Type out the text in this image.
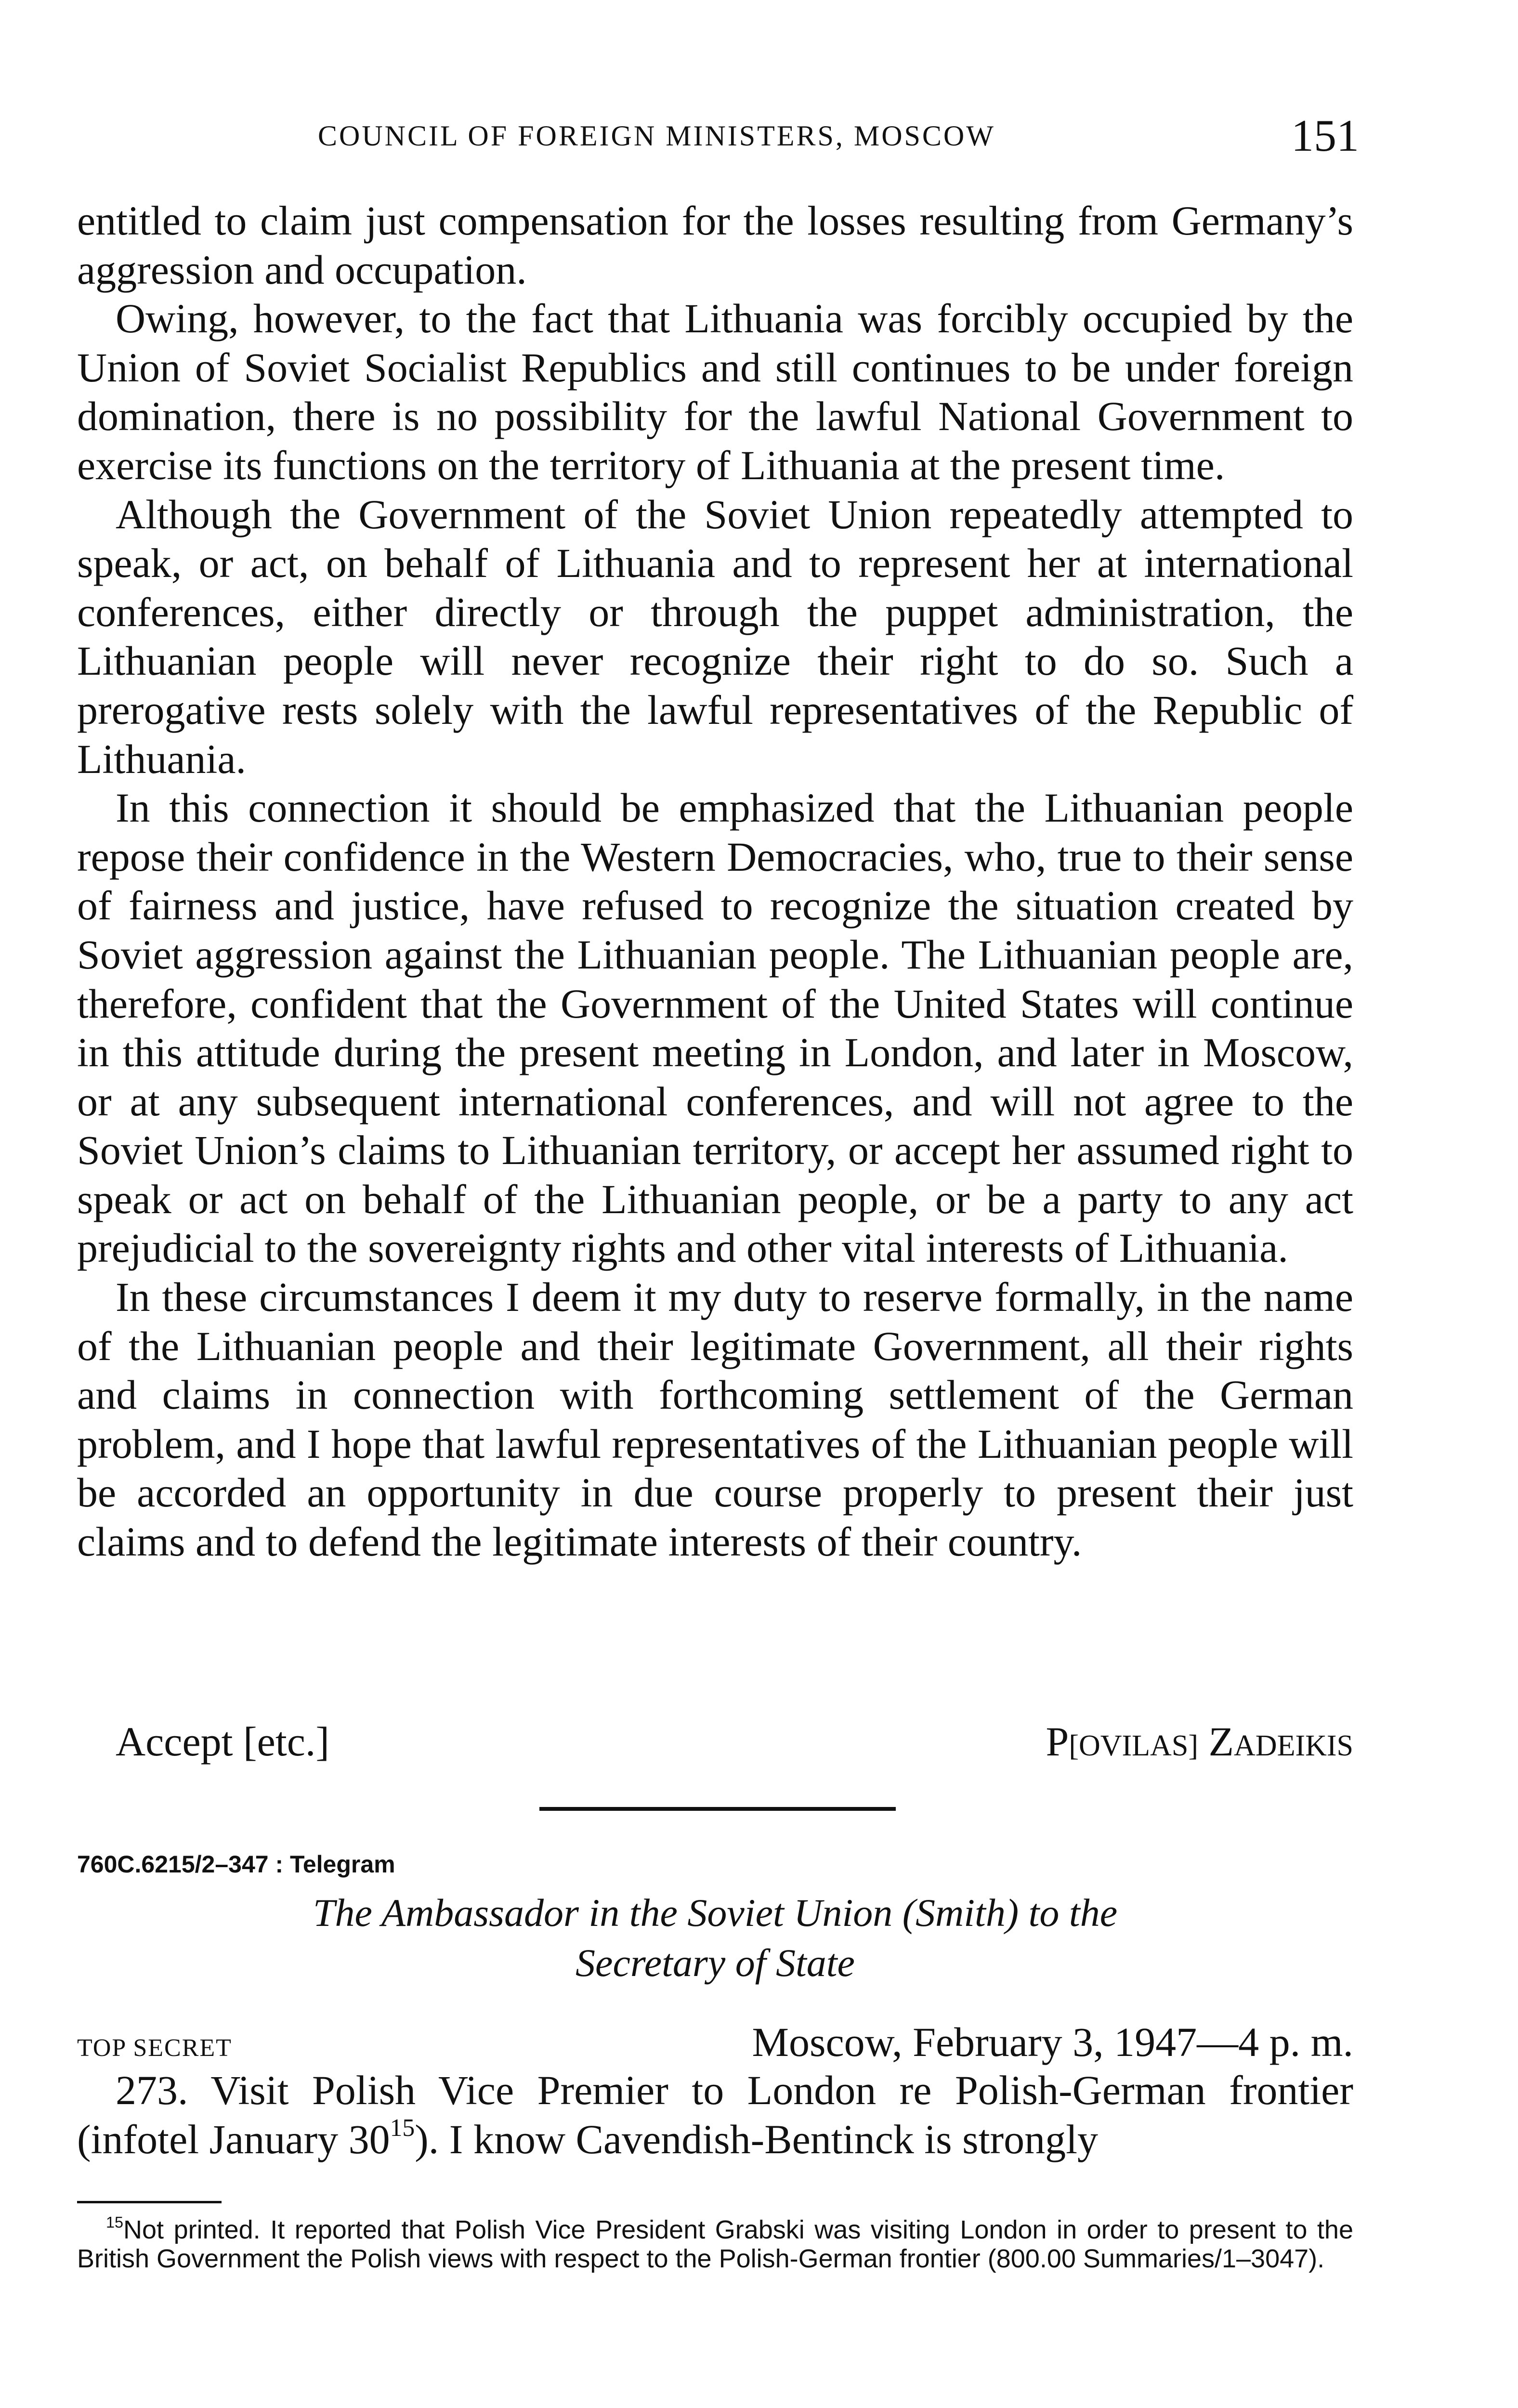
COUNCIL OF FOREIGN MINISTERS, MOSCOW	151

entitled to claim just compensation for the losses resulting from Germany’s aggression and occupation.

Owing, however, to the fact that Lithuania was forcibly occupied by the Union of Soviet Socialist Republics and still continues to be under foreign domination, there is no possibility for the lawful National Government to exercise its functions on the territory of Lithuania at the present time.

Although the Government of the Soviet Union repeatedly attempted to speak, or act, on behalf of Lithuania and to represent her at international conferences, either directly or through the puppet administration, the Lithuanian people will never recognize their right to do so. Such a prerogative rests solely with the lawful representatives of the Republic of Lithuania.

In this connection it should be emphasized that the Lithuanian people repose their confidence in the Western Democracies, who, true to their sense of fairness and justice, have refused to recognize the situation created by Soviet aggression against the Lithuanian people. The Lithuanian people are, therefore, confident that the Government of the United States will continue in this attitude during the present meeting in London, and later in Moscow, or at any subsequent international conferences, and will not agree to the Soviet Union’s claims to Lithuanian territory, or accept her assumed right to speak or act on behalf of the Lithuanian people, or be a party to any act prejudicial to the sovereignty rights and other vital interests of Lithuania.

In these circumstances I deem it my duty to reserve formally, in the name of the Lithuanian people and their legitimate Government, all their rights and claims in connection with forthcoming settlement of the German problem, and I hope that lawful representatives of the Lithuanian people will be accorded an opportunity in due course properly to present their just claims and to defend the legitimate interests of their country.

Accept [etc.]	P[OVILAS] ZADEIKIS
760C.6215/2–347 : Telegram
The Ambassador in the Soviet Union (Smith) to the
Secretary of State
TOP SECRET	Moscow, February 3, 1947—4 p. m.

273. Visit Polish Vice Premier to London re Polish-German frontier (infotel January $30^{15}$). I know Cavendish-Bentinck is strongly

$^{15}$Not printed. It reported that Polish Vice President Grabski was visiting London in order to present to the British Government the Polish views with respect to the Polish-German frontier (800.00 Summaries/1–3047).
